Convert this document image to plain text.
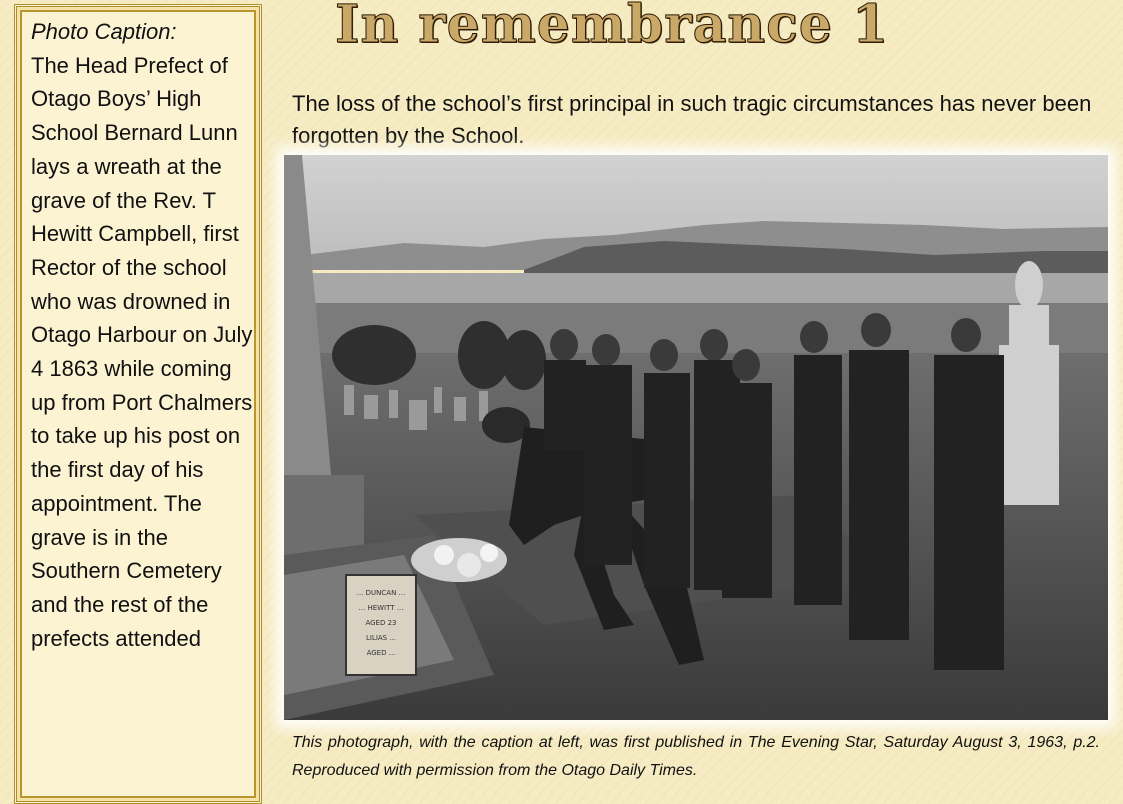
Photo Caption:
The Head Prefect of Otago Boys’ High School Bernard Lunn lays a wreath at the grave of the Rev. T Hewitt Campbell, first Rector of the school who was drowned in Otago Harbour on July 4 1863 while coming up from Port Chalmers to take up his post on the first day of his appointment. The grave is in the Southern Cemetery and the rest of the prefects attended
In remembrance 1
The loss of the school’s first principal in such tragic circumstances has never been forgotten by the School.
... DUNCAN ...
... HEWITT ...
AGED 23
LILIAS ...
AGED ...
This photograph, with the caption at left, was first published in The Evening Star, Saturday August 3, 1963, p.2. Reproduced with permission from the Otago Daily Times.
